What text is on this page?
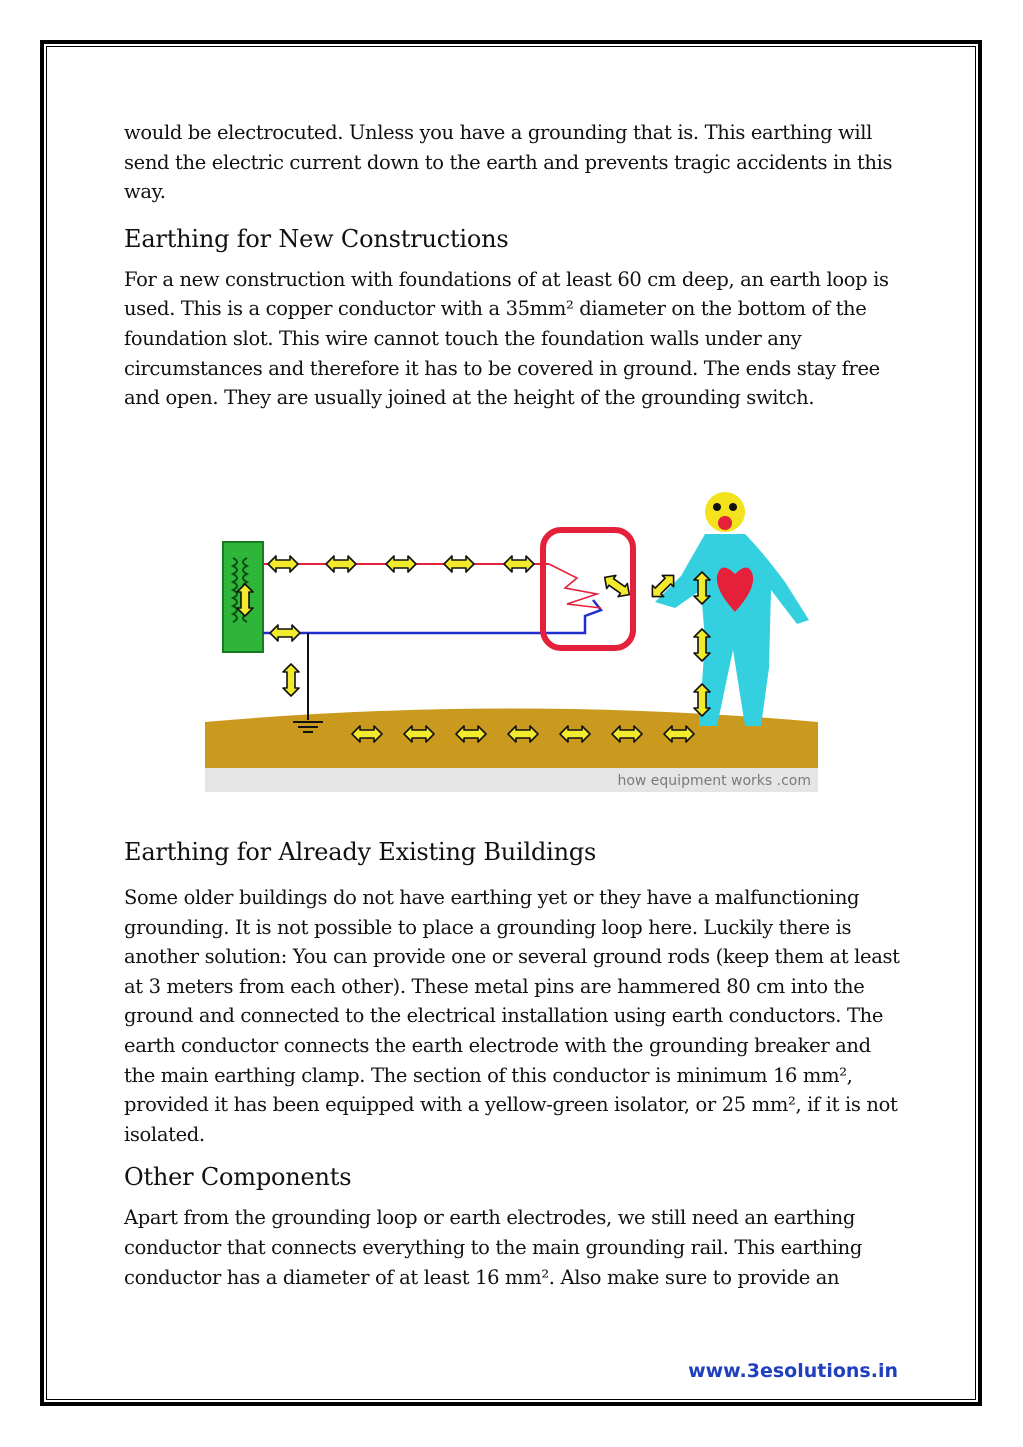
would be electrocuted. Unless you have a grounding that is. This earthing will send the electric current down to the earth and prevents tragic accidents in this way.

Earthing for New Constructions

For a new construction with foundations of at least 60 cm deep, an earth loop is used. This is a copper conductor with a 35mm² diameter on the bottom of the foundation slot. This wire cannot touch the foundation walls under any circumstances and therefore it has to be covered in ground. The ends stay free and open. They are usually joined at the height of the grounding switch.

how equipment works .com
Earthing for Already Existing Buildings

Some older buildings do not have earthing yet or they have a malfunctioning grounding. It is not possible to place a grounding loop here. Luckily there is another solution: You can provide one or several ground rods (keep them at least at 3 meters from each other). These metal pins are hammered 80 cm into the ground and connected to the electrical installation using earth conductors. The earth conductor connects the earth electrode with the grounding breaker and the main earthing clamp. The section of this conductor is minimum 16 mm², provided it has been equipped with a yellow-green isolator, or 25 mm², if it is not isolated.

Other Components

Apart from the grounding loop or earth electrodes, we still need an earthing conductor that connects everything to the main grounding rail. This earthing conductor has a diameter of at least 16 mm². Also make sure to provide an

www.3esolutions.in
